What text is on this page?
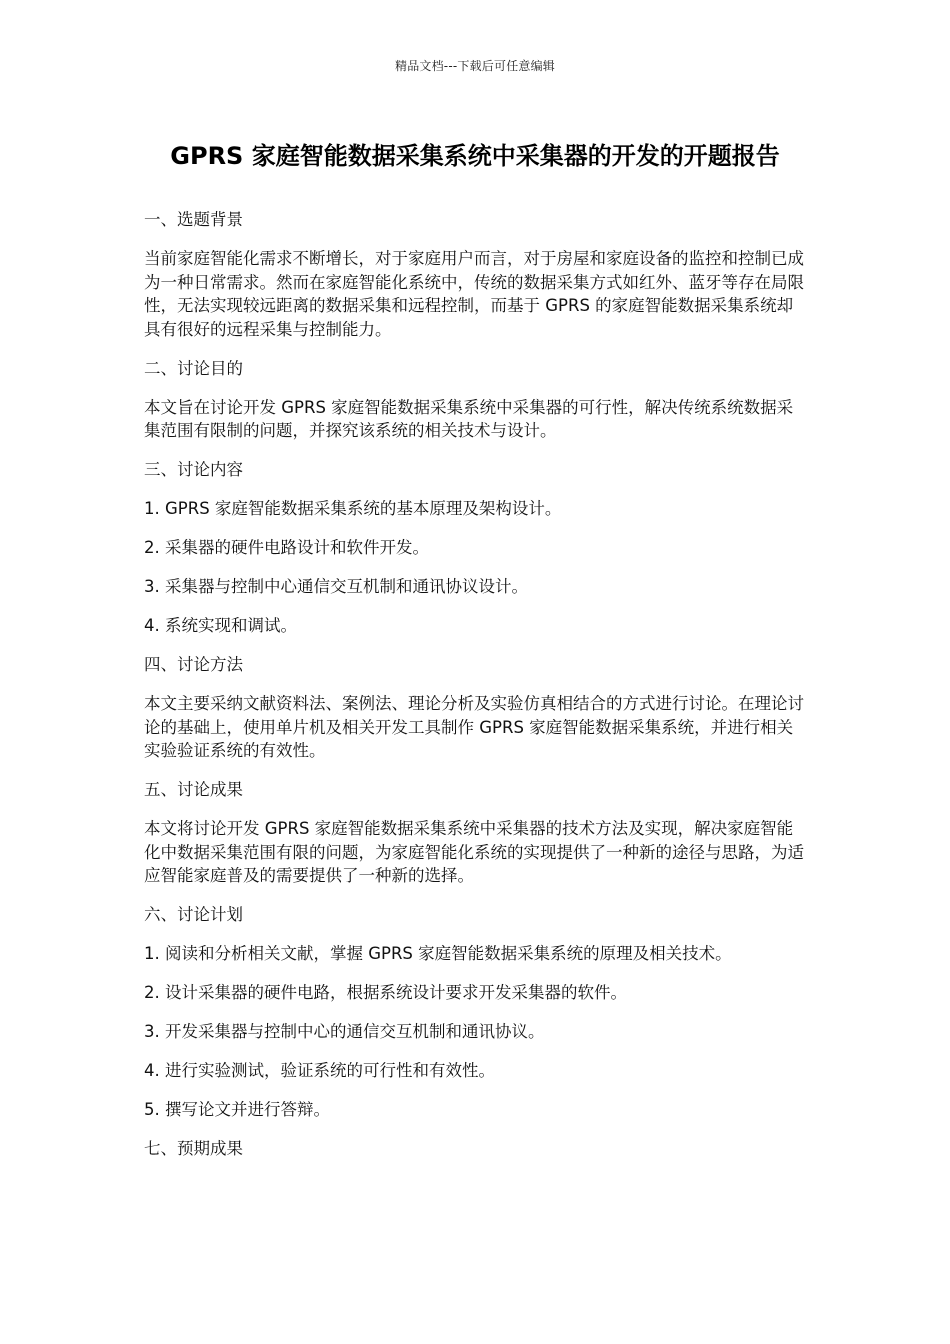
精品文档---下载后可任意编辑
GPRS 家庭智能数据采集系统中采集器的开发的开题报告

一、选题背景

当前家庭智能化需求不断增长，对于家庭用户而言，对于房屋和家庭设备的监控和控制已成为一种日常需求。然而在家庭智能化系统中，传统的数据采集方式如红外、蓝牙等存在局限性，无法实现较远距离的数据采集和远程控制，而基于 GPRS 的家庭智能数据采集系统却具有很好的远程采集与控制能力。

二、讨论目的

本文旨在讨论开发 GPRS 家庭智能数据采集系统中采集器的可行性，解决传统系统数据采集范围有限制的问题，并探究该系统的相关技术与设计。

三、讨论内容

1. GPRS 家庭智能数据采集系统的基本原理及架构设计。

2. 采集器的硬件电路设计和软件开发。

3. 采集器与控制中心通信交互机制和通讯协议设计。

4. 系统实现和调试。

四、讨论方法

本文主要采纳文献资料法、案例法、理论分析及实验仿真相结合的方式进行讨论。在理论讨论的基础上，使用单片机及相关开发工具制作 GPRS 家庭智能数据采集系统，并进行相关实验验证系统的有效性。

五、讨论成果

本文将讨论开发 GPRS 家庭智能数据采集系统中采集器的技术方法及实现，解决家庭智能化中数据采集范围有限的问题，为家庭智能化系统的实现提供了一种新的途径与思路，为适应智能家庭普及的需要提供了一种新的选择。

六、讨论计划

1. 阅读和分析相关文献，掌握 GPRS 家庭智能数据采集系统的原理及相关技术。

2. 设计采集器的硬件电路，根据系统设计要求开发采集器的软件。

3. 开发采集器与控制中心的通信交互机制和通讯协议。

4. 进行实验测试，验证系统的可行性和有效性。

5. 撰写论文并进行答辩。

七、预期成果
